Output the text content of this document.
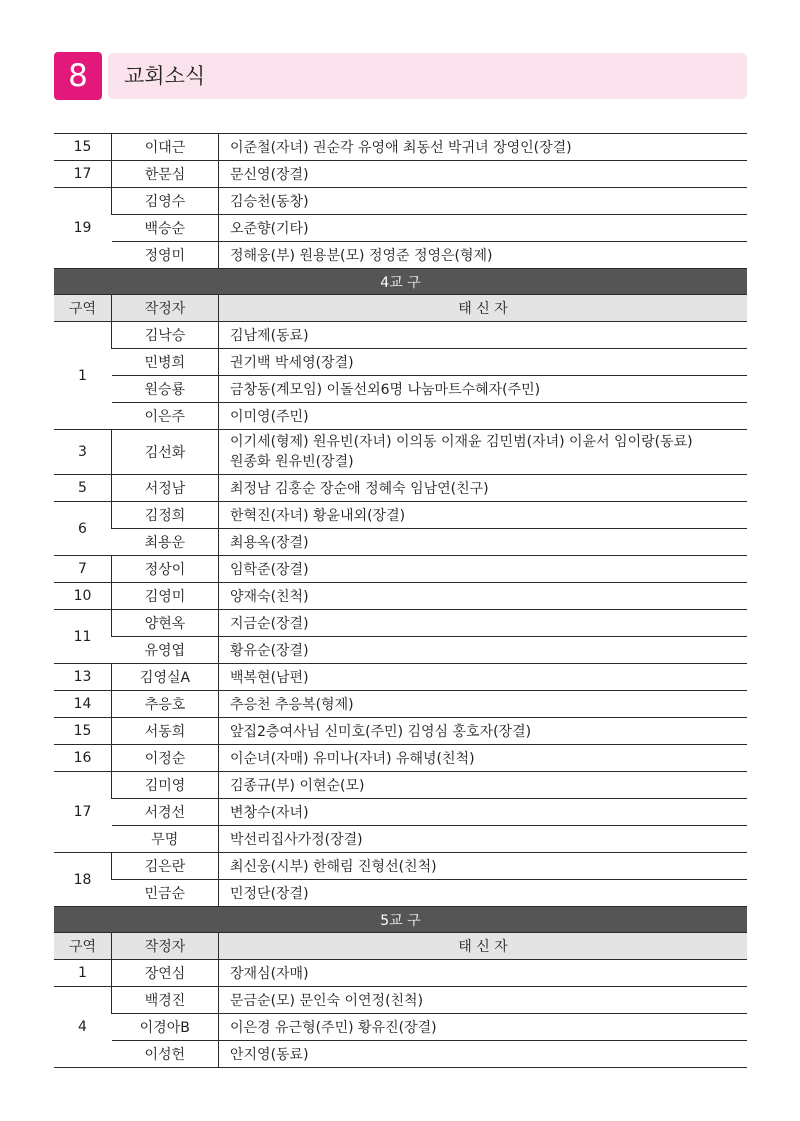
8	교회소식
15	이대근	이준철(자녀) 권순각 유영애 최동선 박귀녀 장영인(장결)
17	한문심	문신영(장결)
19	김영수	김승천(동창)
	백승순	오준향(기타)
	정영미	정해웅(부) 원용분(모) 정영준 정영은(형제)
4교 구		
구역	작정자	태 신 자
1	김낙승	김남제(동료)
	민병희	권기백 박세영(장결)
	원승룡	금창동(계모임) 이돌선외6명 나눔마트수혜자(주민)
	이은주	이미영(주민)
3	김선화	이기세(형제) 원유빈(자녀) 이의동 이재윤 김민범(자녀) 이윤서 임이랑(동료)
원종화 원유빈(장결)

5	서정남	최정남 김홍순 장순애 정혜숙 임남연(친구)
6	김정희	한혁진(자녀) 황윤내외(장결)
	최용운	최용옥(장결)
7	정상이	임학준(장결)
10	김영미	양재숙(친척)
11	양현옥	지금순(장결)
	유영엽	황유순(장결)
13	김영실A	백복현(남편)
14	추응호	추응천 추응복(형제)
15	서동희	앞집2층여사님 신미호(주민) 김영심 홍호자(장결)
16	이정순	이순녀(자매) 유미나(자녀) 유해녕(친척)
17	김미영	김종규(부) 이현순(모)
	서경선	변창수(자녀)
	무명	박선리집사가정(장결)
18	김은란	최신웅(시부) 한해림 진형선(친척)
	민금순	민정단(장결)
5교 구		
구역	작정자	태 신 자
1	장연심	장재심(자매)
4	백경진	문금순(모) 문인숙 이연정(친척)
	이경아B	이은경 유근형(주민) 황유진(장결)
	이성헌	안지영(동료)
